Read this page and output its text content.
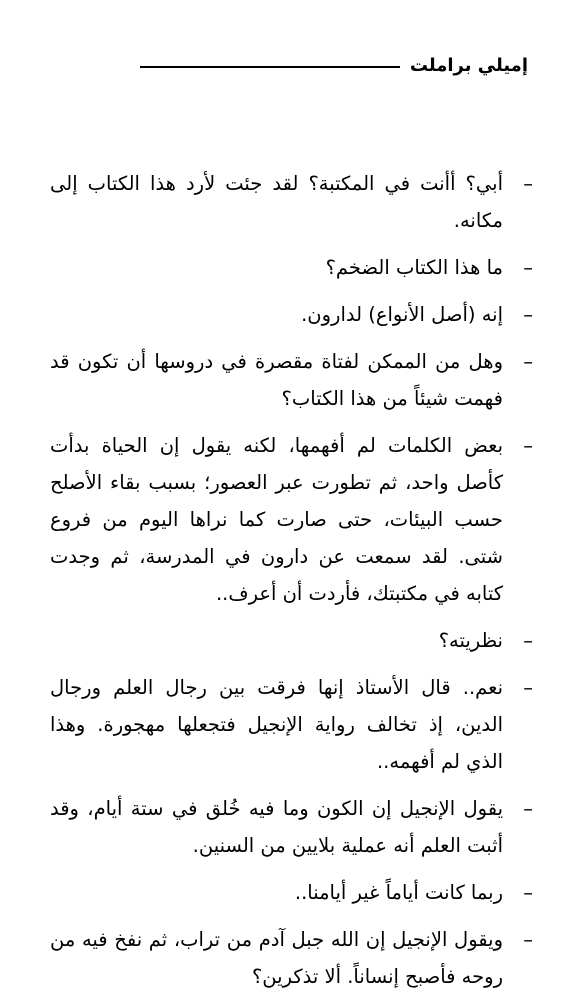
إميلي براملت
–
أبي؟ أأنت في المكتبة؟ لقد جئت لأرد هذا الكتاب إلى مكانه.
–
ما هذا الكتاب الضخم؟
–
إنه (أصل الأنواع) لدارون.
–
وهل من الممكن لفتاة مقصرة في دروسها أن تكون قد فهمت شيئاً من هذا الكتاب؟
–
بعض الكلمات لم أفهمها، لكنه يقول إن الحياة بدأت كأصل واحد، ثم تطورت عبر العصور؛ بسبب بقاء الأصلح حسب البيئات، حتى صارت كما نراها اليوم من فروع شتى. لقد سمعت عن دارون في المدرسة، ثم وجدت كتابه في مكتبتك، فأردت أن أعرف..
–
نظريته؟
–
نعم.. قال الأستاذ إنها فرقت بين رجال العلم ورجال الدين، إذ تخالف رواية الإنجيل فتجعلها مهجورة. وهذا الذي لم أفهمه..
–
يقول الإنجيل إن الكون وما فيه خُلق في ستة أيام، وقد أثبت العلم أنه عملية بلايين من السنين.
–
ربما كانت أياماً غير أيامنا..
–
ويقول الإنجيل إن الله جبل آدم من تراب، ثم نفخ فيه من روحه فأصبح إنساناً. ألا تذكرين؟
